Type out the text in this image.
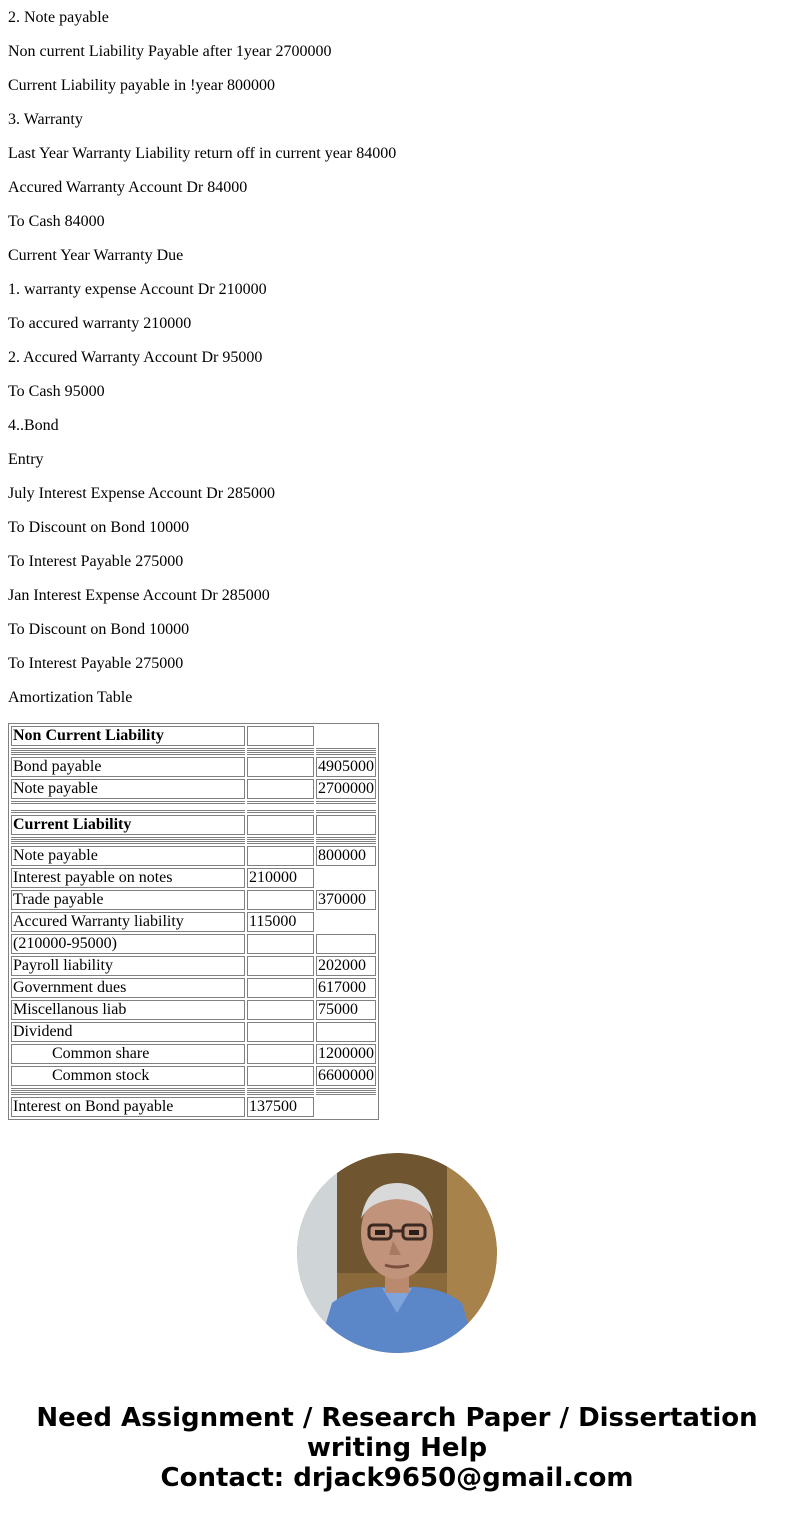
2. Note payable

Non current Liability Payable after 1year 2700000

Current Liability payable in !year 800000

3. Warranty

Last Year Warranty Liability return off in current year 84000

Accured Warranty Account Dr 84000

To Cash 84000

Current Year Warranty Due

1. warranty expense Account Dr 210000

To accured warranty 210000

2. Accured Warranty Account Dr 95000

To Cash 95000

4..Bond

Entry

July Interest Expense Account Dr 285000

To Discount on Bond 10000

To Interest Payable 275000

Jan Interest Expense Account Dr 285000

To Discount on Bond 10000

To Interest Payable 275000

Amortization Table

Non Current Liability		

Bond payable		4905000
Note payable		2700000

Current Liability		

Note payable		800000
Interest payable on notes	210000	
Trade payable		370000
Accured Warranty liability	115000	
(210000-95000)		
Payroll liability		202000
Government dues		617000
Miscellanous liab		75000
Dividend		
Common share		1200000
Common stock		6600000

Interest on Bond payable	137500	
Need Assignment / Research Paper / Dissertation
writing Help
Contact: drjack9650@gmail.com
